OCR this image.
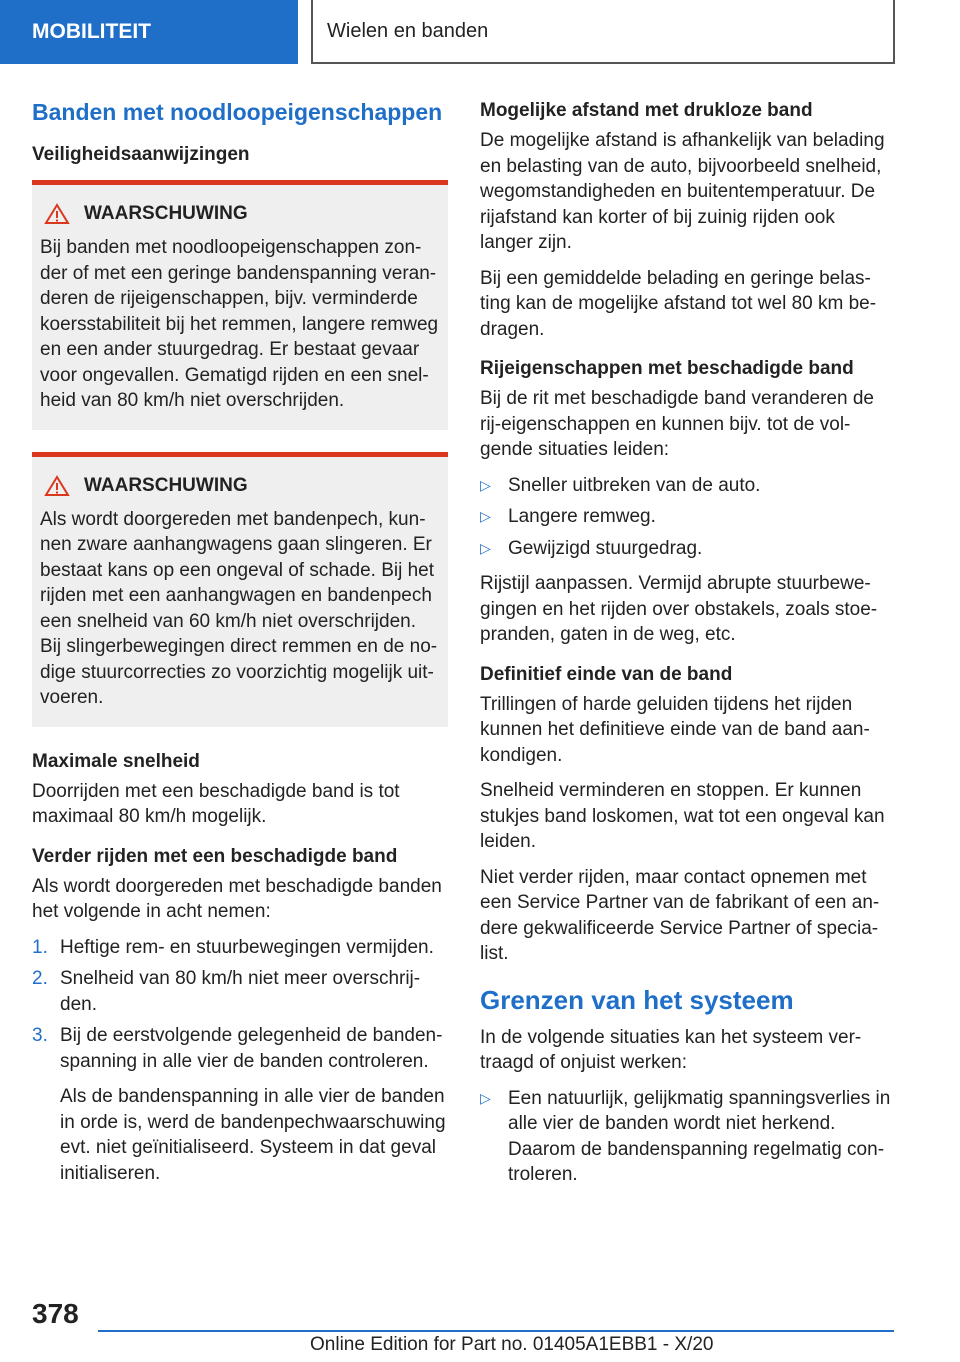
MOBILITEIT	Wielen en banden
Banden met noodloopeigenschappen
Veiligheidsaanwijzingen
WAARSCHUWING

Bij banden met noodloopeigenschappen zon-der of met een geringe bandenspanning veran-deren de rijeigenschappen, bijv. verminderde koersstabiliteit bij het remmen, langere remweg en een ander stuurgedrag. Er bestaat gevaar voor ongevallen. Gematigd rijden en een snel-heid van 80 km/h niet overschrijden.

WAARSCHUWING

Als wordt doorgereden met bandenpech, kun-nen zware aanhangwagens gaan slingeren. Er bestaat kans op een ongeval of schade. Bij het rijden met een aanhangwagen en bandenpech een snelheid van 60 km/h niet overschrijden. Bij slingerbewegingen direct remmen en de no-dige stuurcorrecties zo voorzichtig mogelijk uit-voeren.

Maximale snelheid

Doorrijden met een beschadigde band is tot maximaal 80 km/h mogelijk.

Verder rijden met een beschadigde band

Als wordt doorgereden met beschadigde banden het volgende in acht nemen:

1. Heftige rem- en stuurbewegingen vermijden.
2. Snelheid van 80 km/h niet meer overschrij-den.
3. Bij de eerstvolgende gelegenheid de banden-spanning in alle vier de banden controleren.

Als de bandenspanning in alle vier de banden in orde is, werd de bandenpechwaarschuwing evt. niet geïnitialiseerd. Systeem in dat geval initialiseren.

Mogelijke afstand met drukloze band

De mogelijke afstand is afhankelijk van belading en belasting van de auto, bijvoorbeeld snelheid, wegomstandigheden en buitentemperatuur. De rijafstand kan korter of bij zuinig rijden ook langer zijn.

Bij een gemiddelde belading en geringe belas-ting kan de mogelijke afstand tot wel 80 km be-dragen.

Rijeigenschappen met beschadigde band

Bij de rit met beschadigde band veranderen de rij-eigenschappen en kunnen bijv. tot de vol-gende situaties leiden:

▷ Sneller uitbreken van de auto.
▷ Langere remweg.
▷ Gewijzigd stuurgedrag.

Rijstijl aanpassen. Vermijd abrupte stuurbewe-gingen en het rijden over obstakels, zoals stoe-pranden, gaten in de weg, etc.

Definitief einde van de band

Trillingen of harde geluiden tijdens het rijden kunnen het definitieve einde van de band aan-kondigen.

Snelheid verminderen en stoppen. Er kunnen stukjes band loskomen, wat tot een ongeval kan leiden.

Niet verder rijden, maar contact opnemen met een Service Partner van de fabrikant of een an-dere gekwalificeerde Service Partner of specia-list.

Grenzen van het systeem

In de volgende situaties kan het systeem ver-traagd of onjuist werken:

▷ Een natuurlijk, gelijkmatig spanningsverlies in alle vier de banden wordt niet herkend. Daarom de bandenspanning regelmatig con-troleren.
378
Online Edition for Part no. 01405A1EBB1 - X/20
